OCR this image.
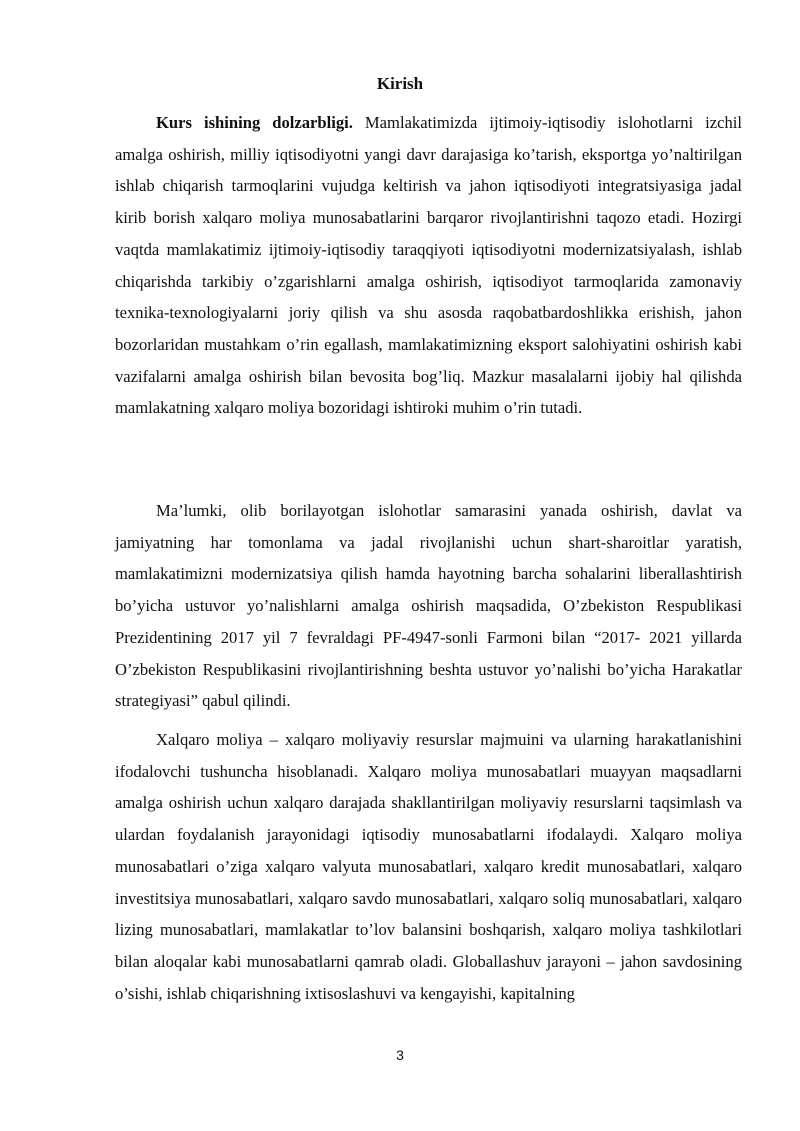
Kirish

Kurs ishining dolzarbligi. Mamlakatimizda ijtimoiy-iqtisodiy islohotlarni izchil amalga oshirish, milliy iqtisodiyotni yangi davr darajasiga ko’tarish, eksportga yo’naltirilgan ishlab chiqarish tarmoqlarini vujudga keltirish va jahon iqtisodiyoti integratsiyasiga jadal kirib borish xalqaro moliya munosabatlarini barqaror rivojlantirishni taqozo etadi. Hozirgi vaqtda mamlakatimiz ijtimoiy-iqtisodiy taraqqiyoti iqtisodiyotni modernizatsiyalash, ishlab chiqarishda tarkibiy o’zgarishlarni amalga oshirish, iqtisodiyot tarmoqlarida zamonaviy texnika-texnologiyalarni joriy qilish va shu asosda raqobatbardoshlikka erishish, jahon bozorlaridan mustahkam o’rin egallash, mamlakatimizning eksport salohiyatini oshirish kabi vazifalarni amalga oshirish bilan bevosita bog’liq. Mazkur masalalarni ijobiy hal qilishda mamlakatning xalqaro moliya bozoridagi ishtiroki muhim o’rin tutadi.

Ma’lumki, olib borilayotgan islohotlar samarasini yanada oshirish, davlat va jamiyatning har tomonlama va jadal rivojlanishi uchun shart-sharoitlar yaratish, mamlakatimizni modernizatsiya qilish hamda hayotning barcha sohalarini liberallashtirish bo’yicha ustuvor yo’nalishlarni amalga oshirish maqsadida, O’zbekiston Respublikasi Prezidentining 2017 yil 7 fevraldagi PF-4947-sonli Farmoni bilan “2017- 2021 yillarda O’zbekiston Respublikasini rivojlantirishning beshta ustuvor yo’nalishi bo’yicha Harakatlar strategiyasi” qabul qilindi.

Xalqaro moliya – xalqaro moliyaviy resurslar majmuini va ularning harakatlanishini ifodalovchi tushuncha hisoblanadi. Xalqaro moliya munosabatlari muayyan maqsadlarni amalga oshirish uchun xalqaro darajada shakllantirilgan moliyaviy resurslarni taqsimlash va ulardan foydalanish jarayonidagi iqtisodiy munosabatlarni ifodalaydi. Xalqaro moliya munosabatlari o’ziga xalqaro valyuta munosabatlari, xalqaro kredit munosabatlari, xalqaro investitsiya munosabatlari, xalqaro savdo munosabatlari, xalqaro soliq munosabatlari, xalqaro lizing munosabatlari, mamlakatlar to’lov balansini boshqarish, xalqaro moliya tashkilotlari bilan aloqalar kabi munosabatlarni qamrab oladi. Globallashuv jarayoni – jahon savdosining o’sishi, ishlab chiqarishning ixtisoslashuvi va kengayishi, kapitalning

3
